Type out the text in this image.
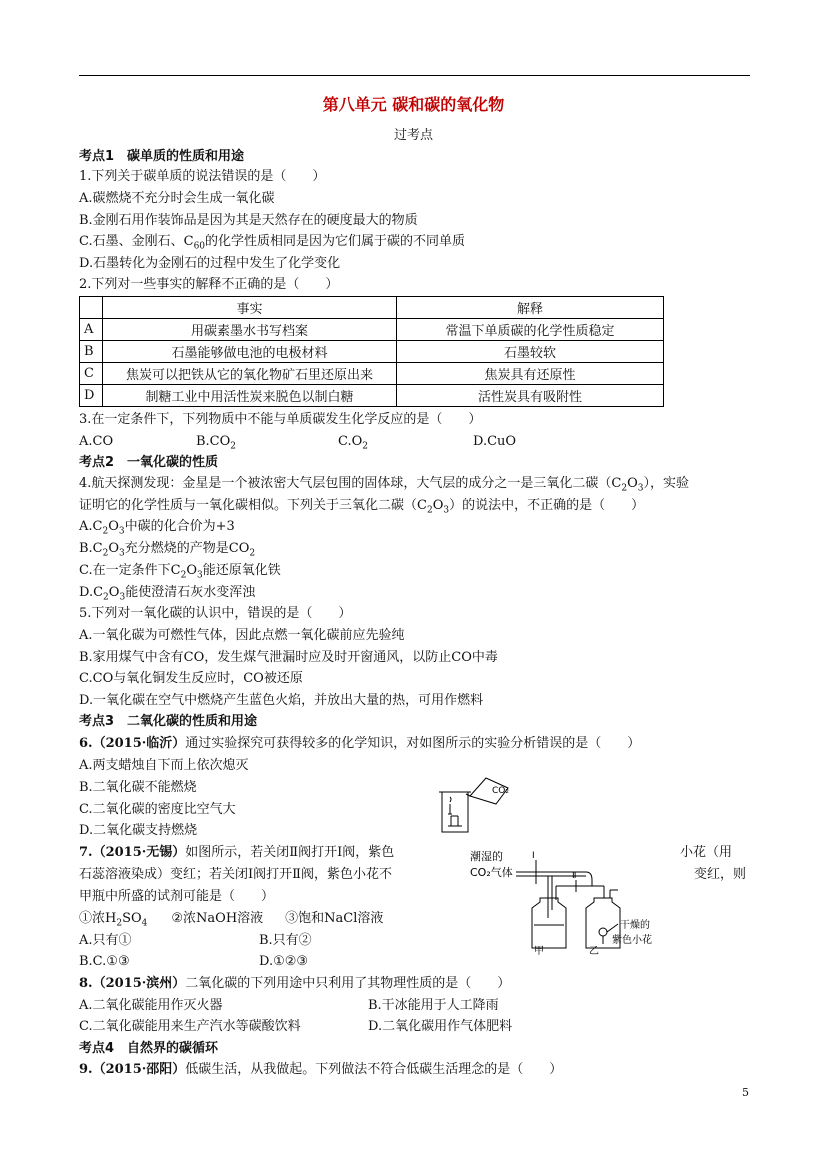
第八单元 碳和碳的氧化物
过考点
考点1　碳单质的性质和用途
1.下列关于碳单质的说法错误的是（　　）
A.碳燃烧不充分时会生成一氧化碳
B.金刚石用作装饰品是因为其是天然存在的硬度最大的物质
C.石墨、金刚石、$C_{60}$的化学性质相同是因为它们属于碳的不同单质
D.石墨转化为金刚石的过程中发生了化学变化
2.下列对一些事实的解释不正确的是（　　）
	事实	解释
A	用碳素墨水书写档案	常温下单质碳的化学性质稳定
B	石墨能够做电池的电极材料	石墨较软
C	焦炭可以把铁从它的氧化物矿石里还原出来	焦炭具有还原性
D	制糖工业中用活性炭来脱色以制白糖	活性炭具有吸附性
3.在一定条件下，下列物质中不能与单质碳发生化学反应的是（　　）
A.CO	$B.CO_2$	$C.O_2$	D.CuO
考点2　一氧化碳的性质
4.航天探测发现：金星是一个被浓密大气层包围的固体球，大气层的成分之一是三氧化二碳$(C_2O_3)$，实验
证明它的化学性质与一氧化碳相似。下列关于三氧化二碳$(C_2O_3)$的说法中，不正确的是（　　）
$A.C_2O_3$中碳的化合价为+3
$B.C_2O_3$充分燃烧的产物是$CO_2$
C.在一定条件下$C_2O_3$能还原氧化铁
$D.C_2O_3$能使澄清石灰水变浑浊
5.下列对一氧化碳的认识中，错误的是（　　）
A.一氧化碳为可燃性气体，因此点燃一氧化碳前应先验纯
B.家用煤气中含有CO，发生煤气泄漏时应及时开窗通风，以防止CO中毒
C.CO与氧化铜发生反应时，CO被还原
D.一氧化碳在空气中燃烧产生蓝色火焰，并放出大量的热，可用作燃料
考点3　二氧化碳的性质和用途
6.（2015·临沂）通过实验探究可获得较多的化学知识，对如图所示的实验分析错误的是（　　）
A.两支蜡烛自下而上依次熄灭
B.二氧化碳不能燃烧
C.二氧化碳的密度比空气大
D.二氧化碳支持燃烧
CO₂
7.（2015·无锡）如图所示，若关闭Ⅱ阀打开Ⅰ阀，紫色	小花（用
石蕊溶液染成）变红；若关闭Ⅰ阀打开Ⅱ阀，紫色小花不	变红，则
甲瓶中所盛的试剂可能是（　　）
①浓$H_2SO_4$ ②浓NaOH溶液 ③饱和NaCl溶液
A.只有①	B.只有②
B.C.①③	D.①②③
潮湿的
CO₂气体
甲	乙
Ⅰ
Ⅱ
干燥的
紫色小花
8.（2015·滨州）二氧化碳的下列用途中只利用了其物理性质的是（　　）
A.二氧化碳能用作灭火器	B.干冰能用于人工降雨
C.二氧化碳能用来生产汽水等碳酸饮料	D.二氧化碳用作气体肥料
考点4　自然界的碳循环
9.（2015·邵阳）低碳生活，从我做起。下列做法不符合低碳生活理念的是（　　）
5
